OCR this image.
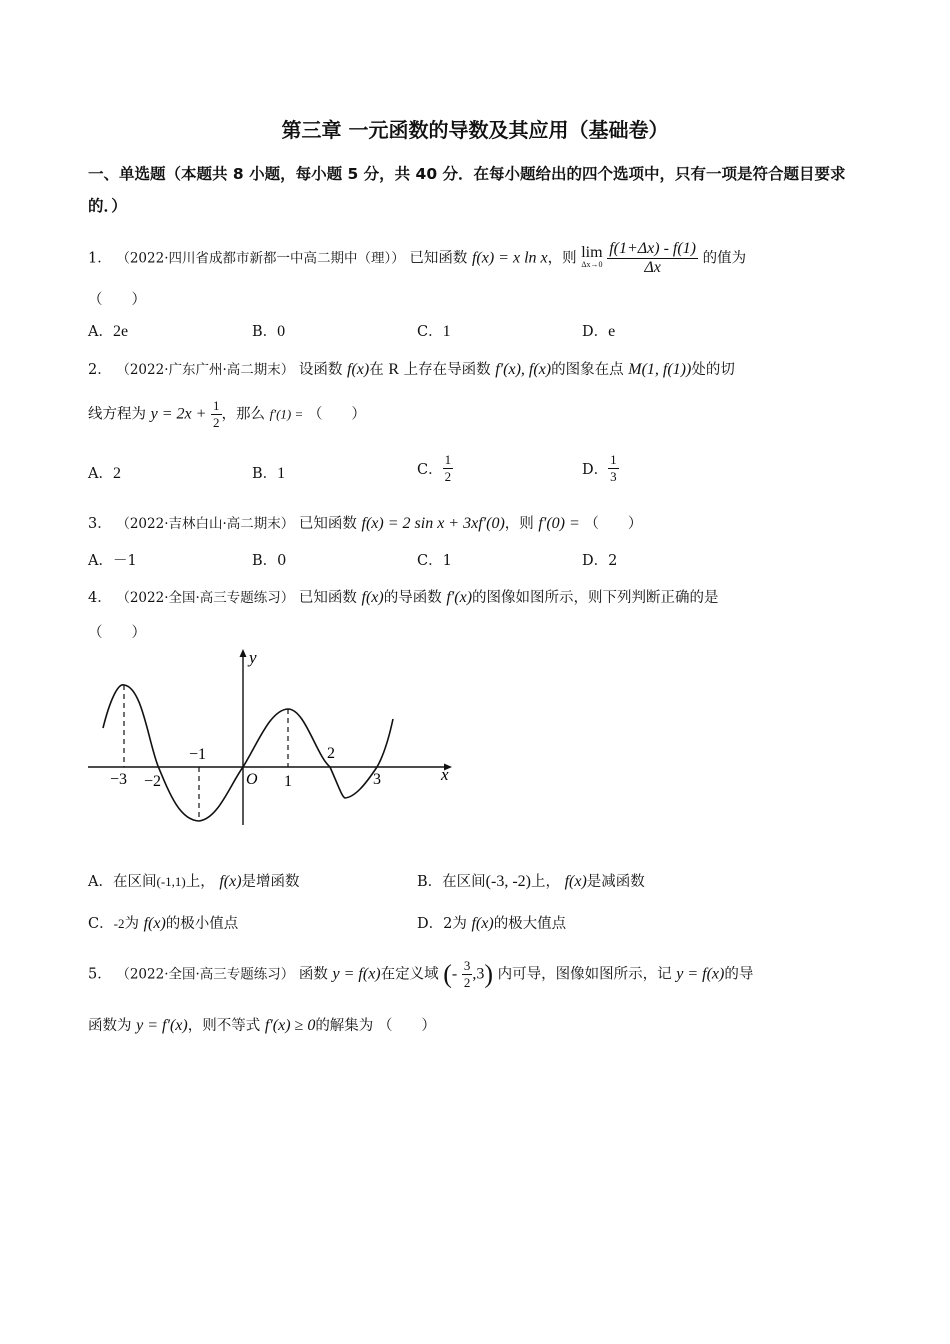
第三章 一元函数的导数及其应用（基础卷）
一、单选题（本题共 8 小题，每小题 5 分，共 40 分．在每小题给出的四个选项中，只有一项是符合题目要求的．）
1． （2022·四川省成都市新都一中高二期中（理）） 已知函数 f(x) = x ln x，则 lim
Δx→0
$\frac{f(1+\Delta x) - f(1)}{\Delta x}$ 的值为
（　　）
A．2e	B．0	C．1	D．e
2． （2022·广东广州·高二期末） 设函数 f(x)在 R 上存在导函数 f′(x), f(x)的图象在点 M(1, f(1))处的切
线方程为 $y = 2x + \frac{1}{2}$ ，那么 f′(1) = （　　）
A．2	B．1	C． $\frac{1}{2}$	D． $\frac{1}{3}$
3． （2022·吉林白山·高二期末） 已知函数 f(x) = 2 sin x + 3xf′(0)，则 f′(0) = （　　）
A．－1	B．0	C．1	D．2
4． （2022·全国·高三专题练习） 已知函数 f(x)的导函数 f′(x)的图像如图所示，则下列判断正确的是
（　　）
y
x
O
−3 −2
−1
1
2
3
A．在区间(-1,1)上， f(x)是增函数	B．在区间(-3, -2)上， f(x)是减函数
C．-2为 f(x)的极小值点	D．2为 f(x)的极大值点
5． （2022·全国·高三专题练习） 函数 y = f(x)在定义域 (- $\frac{3}{2} ,3$) 内可导，图像如图所示，记 y = f(x)的导
函数为 y = f′(x)，则不等式 f′(x) ≥ 0的解集为 （　　）
